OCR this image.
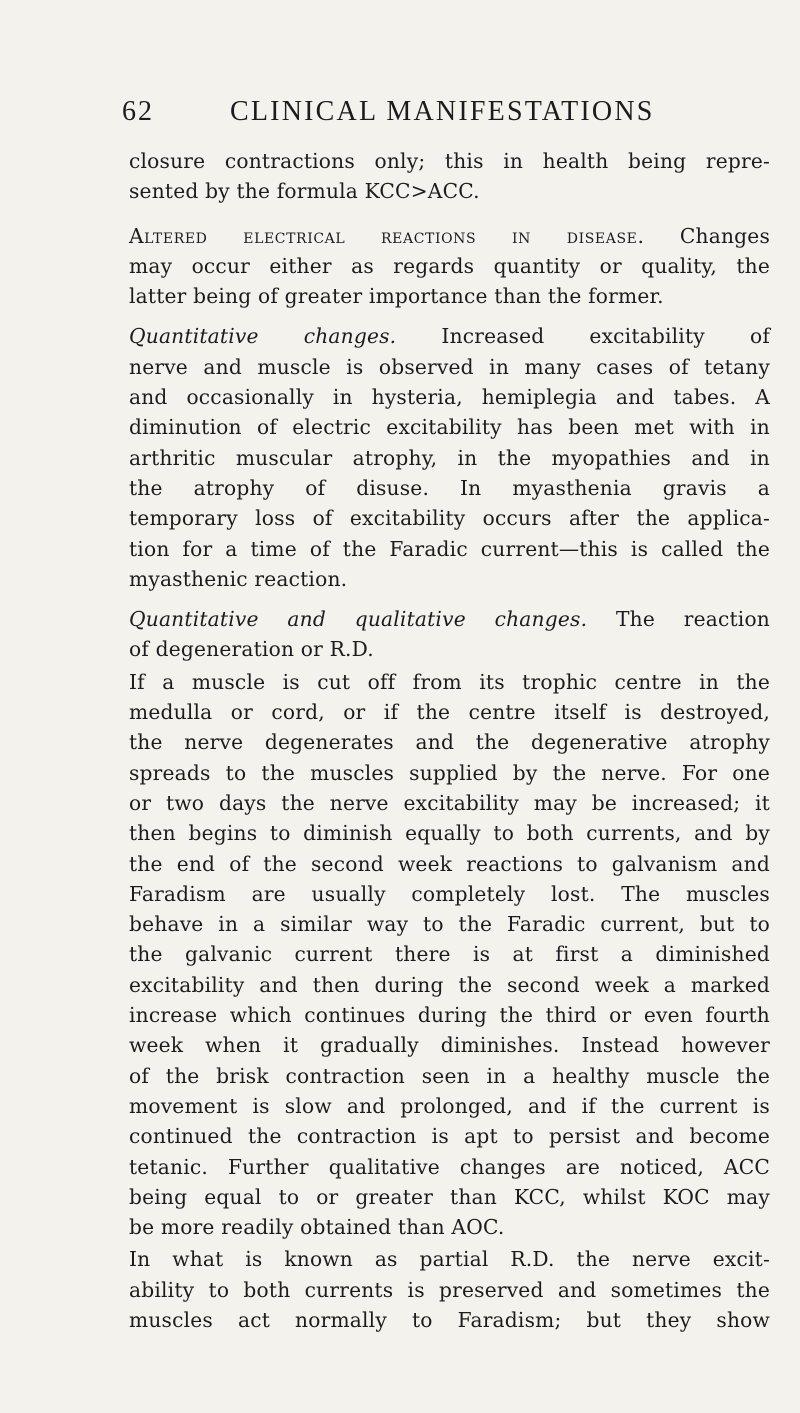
62	CLINICAL MANIFESTATIONS
closure contractions only; this in health being repre-
sented by the formula KCC>ACC.
Altered electrical reactions in disease. Changes
may occur either as regards quantity or quality, the
latter being of greater importance than the former.
Quantitative changes. Increased excitability of
nerve and muscle is observed in many cases of tetany
and occasionally in hysteria, hemiplegia and tabes. A
diminution of electric excitability has been met with in
arthritic muscular atrophy, in the myopathies and in
the atrophy of disuse. In myasthenia gravis a
temporary loss of excitability occurs after the applica-
tion for a time of the Faradic current—this is called the
myasthenic reaction.
Quantitative and qualitative changes. The reaction
of degeneration or R.D.
If a muscle is cut off from its trophic centre in the
medulla or cord, or if the centre itself is destroyed,
the nerve degenerates and the degenerative atrophy
spreads to the muscles supplied by the nerve. For one
or two days the nerve excitability may be increased; it
then begins to diminish equally to both currents, and by
the end of the second week reactions to galvanism and
Faradism are usually completely lost. The muscles
behave in a similar way to the Faradic current, but to
the galvanic current there is at first a diminished
excitability and then during the second week a marked
increase which continues during the third or even fourth
week when it gradually diminishes. Instead however
of the brisk contraction seen in a healthy muscle the
movement is slow and prolonged, and if the current is
continued the contraction is apt to persist and become
tetanic. Further qualitative changes are noticed, ACC
being equal to or greater than KCC, whilst KOC may
be more readily obtained than AOC.
In what is known as partial R.D. the nerve excit-
ability to both currents is preserved and sometimes the
muscles act normally to Faradism; but they show
